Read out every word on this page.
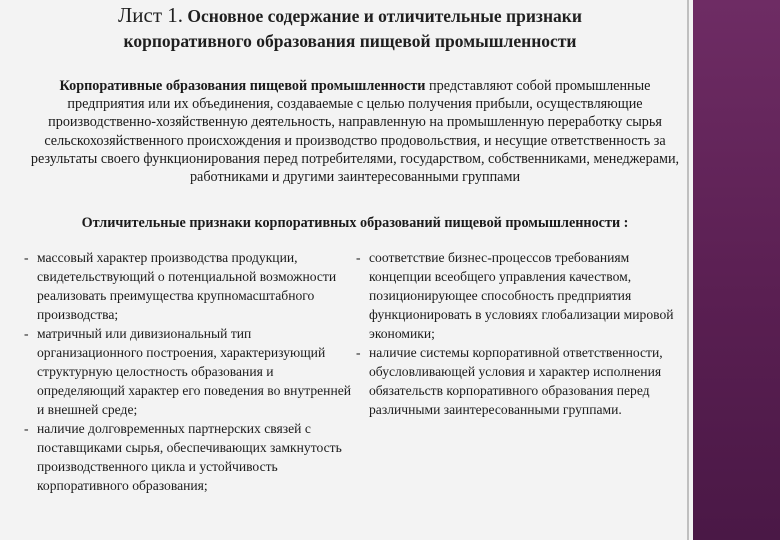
Лист 1. Основное содержание и отличительные признаки
корпоративного образования пищевой промышленности
Корпоративные образования пищевой промышленности представляют собой промышленные предприятия или их объединения, создаваемые с целью получения прибыли, осуществляющие производственно-хозяйственную деятельность, направленную на промышленную переработку сырья сельскохозяйственного происхождения и производство продовольствия, и несущие ответственность за результаты своего функционирования перед потребителями, государством, собственниками, менеджерами, работниками и другими заинтересованными группами
Отличительные признаки корпоративных образований пищевой промышленности :
- массовый характер производства продукции, свидетельствующий о потенциальной возможности реализовать преимущества крупномасштабного производства;
- матричный или дивизиональный тип организационного построения, характеризующий структурную целостность образования и определяющий характер его поведения во внутренней и внешней среде;
- наличие долговременных партнерских связей с поставщиками сырья, обеспечивающих замкнутость производственного цикла и устойчивость корпоративного образования;
- соответствие бизнес-процессов требованиям концепции всеобщего управления качеством, позиционирующее способность предприятия функционировать в условиях глобализации мировой экономики;
- наличие системы корпоративной ответственности, обусловливающей условия и характер исполнения обязательств корпоративного образования перед различными заинтересованными группами.
